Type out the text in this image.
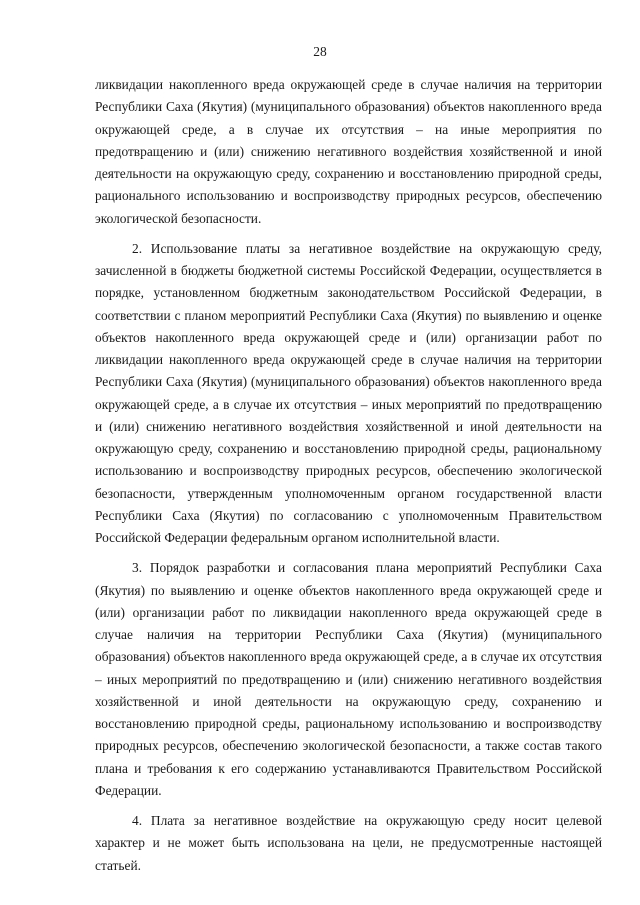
28

ликвидации накопленного вреда окружающей среде в случае наличия на территории Республики Саха (Якутия) (муниципального образования) объектов накопленного вреда окружающей среде, а в случае их отсутствия – на иные мероприятия по предотвращению и (или) снижению негативного воздействия хозяйственной и иной деятельности на окружающую среду, сохранению и восстановлению природной среды, рационального использованию и воспроизводству природных ресурсов, обеспечению экологической безопасности.

2. Использование платы за негативное воздействие на окружающую среду, зачисленной в бюджеты бюджетной системы Российской Федерации, осуществляется в порядке, установленном бюджетным законодательством Российской Федерации, в соответствии с планом мероприятий Республики Саха (Якутия) по выявлению и оценке объектов накопленного вреда окружающей среде и (или) организации работ по ликвидации накопленного вреда окружающей среде в случае наличия на территории Республики Саха (Якутия) (муниципального образования) объектов накопленного вреда окружающей среде, а в случае их отсутствия – иных мероприятий по предотвращению и (или) снижению негативного воздействия хозяйственной и иной деятельности на окружающую среду, сохранению и восстановлению природной среды, рациональному использованию и воспроизводству природных ресурсов, обеспечению экологической безопасности, утвержденным уполномоченным органом государственной власти Республики Саха (Якутия) по согласованию с уполномоченным Правительством Российской Федерации федеральным органом исполнительной власти.

3. Порядок разработки и согласования плана мероприятий Республики Саха (Якутия) по выявлению и оценке объектов накопленного вреда окружающей среде и (или) организации работ по ликвидации накопленного вреда окружающей среде в случае наличия на территории Республики Саха (Якутия) (муниципального образования) объектов накопленного вреда окружающей среде, а в случае их отсутствия – иных мероприятий по предотвращению и (или) снижению негативного воздействия хозяйственной и иной деятельности на окружающую среду, сохранению и восстановлению природной среды, рациональному использованию и воспроизводству природных ресурсов, обеспечению экологической безопасности, а также состав такого плана и требования к его содержанию устанавливаются Правительством Российской Федерации.

4. Плата за негативное воздействие на окружающую среду носит целевой характер и не может быть использована на цели, не предусмотренные настоящей статьей.
